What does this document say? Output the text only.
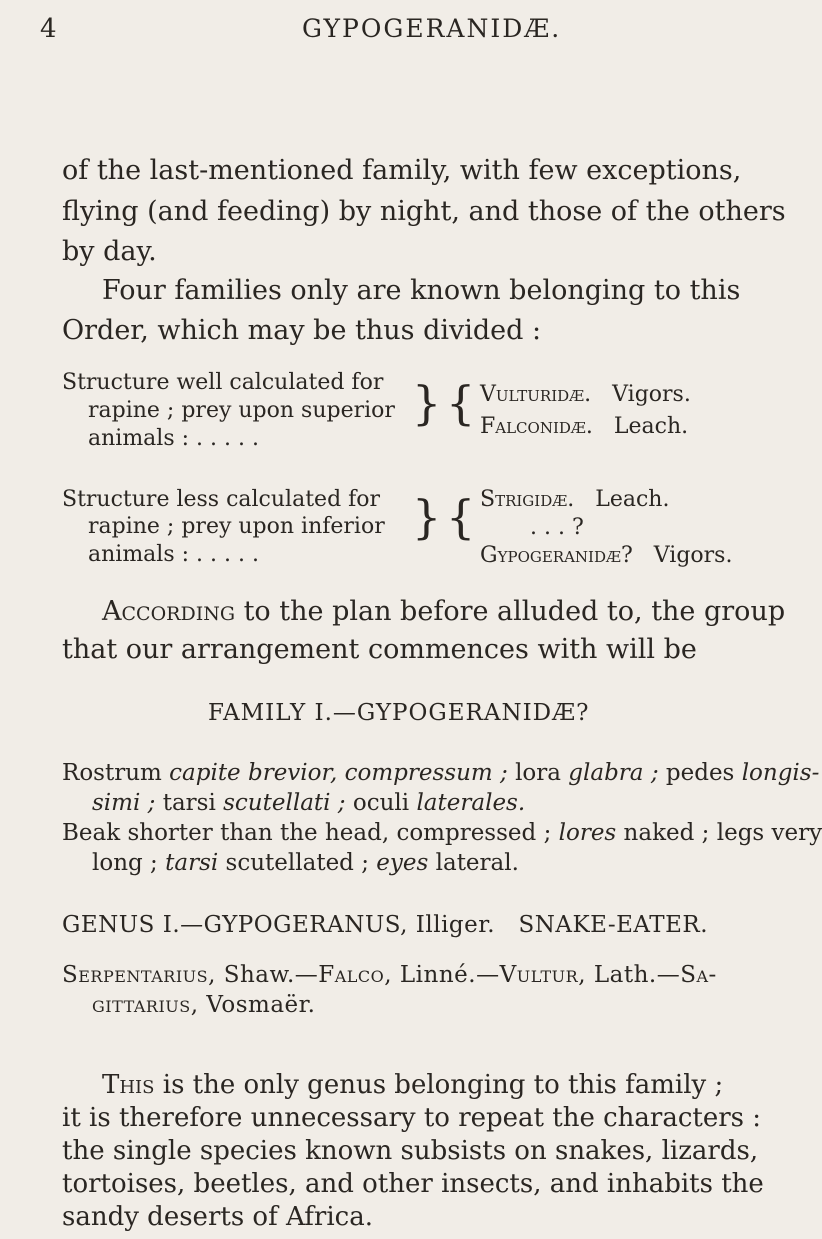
4	GYPOGERANIDÆ.
of the last-mentioned family, with few exceptions,
flying (and feeding) by night, and those of the others
by day.
Four families only are known belonging to this
Order, which may be thus divided :
Structure well calculated for
rapine ; prey upon superior
animals : . . . . .
} { Vulturidæ. Vigors.
Falconidæ. Leach.
Structure less calculated for
rapine ; prey upon inferior
animals : . . . . .
} { Strigidæ. Leach.
. . . ?
Gypogeranidæ? Vigors.
According to the plan before alluded to, the group
that our arrangement commences with will be
FAMILY I.—GYPOGERANIDÆ?
Rostrum capite brevior, compressum ; lora glabra ; pedes longis-
simi ; tarsi scutellati ; oculi laterales.
Beak shorter than the head, compressed ; lores naked ; legs very
long ; tarsi scutellated ; eyes lateral.
GENUS I.—GYPOGERANUS, Illiger. SNAKE-EATER.
Serpentarius, Shaw.—Falco, Linné.—Vultur, Lath.—Sa-
gittarius, Vosmaër.
This is the only genus belonging to this family ;
it is therefore unnecessary to repeat the characters :
the single species known subsists on snakes, lizards,
tortoises, beetles, and other insects, and inhabits the
sandy deserts of Africa.
